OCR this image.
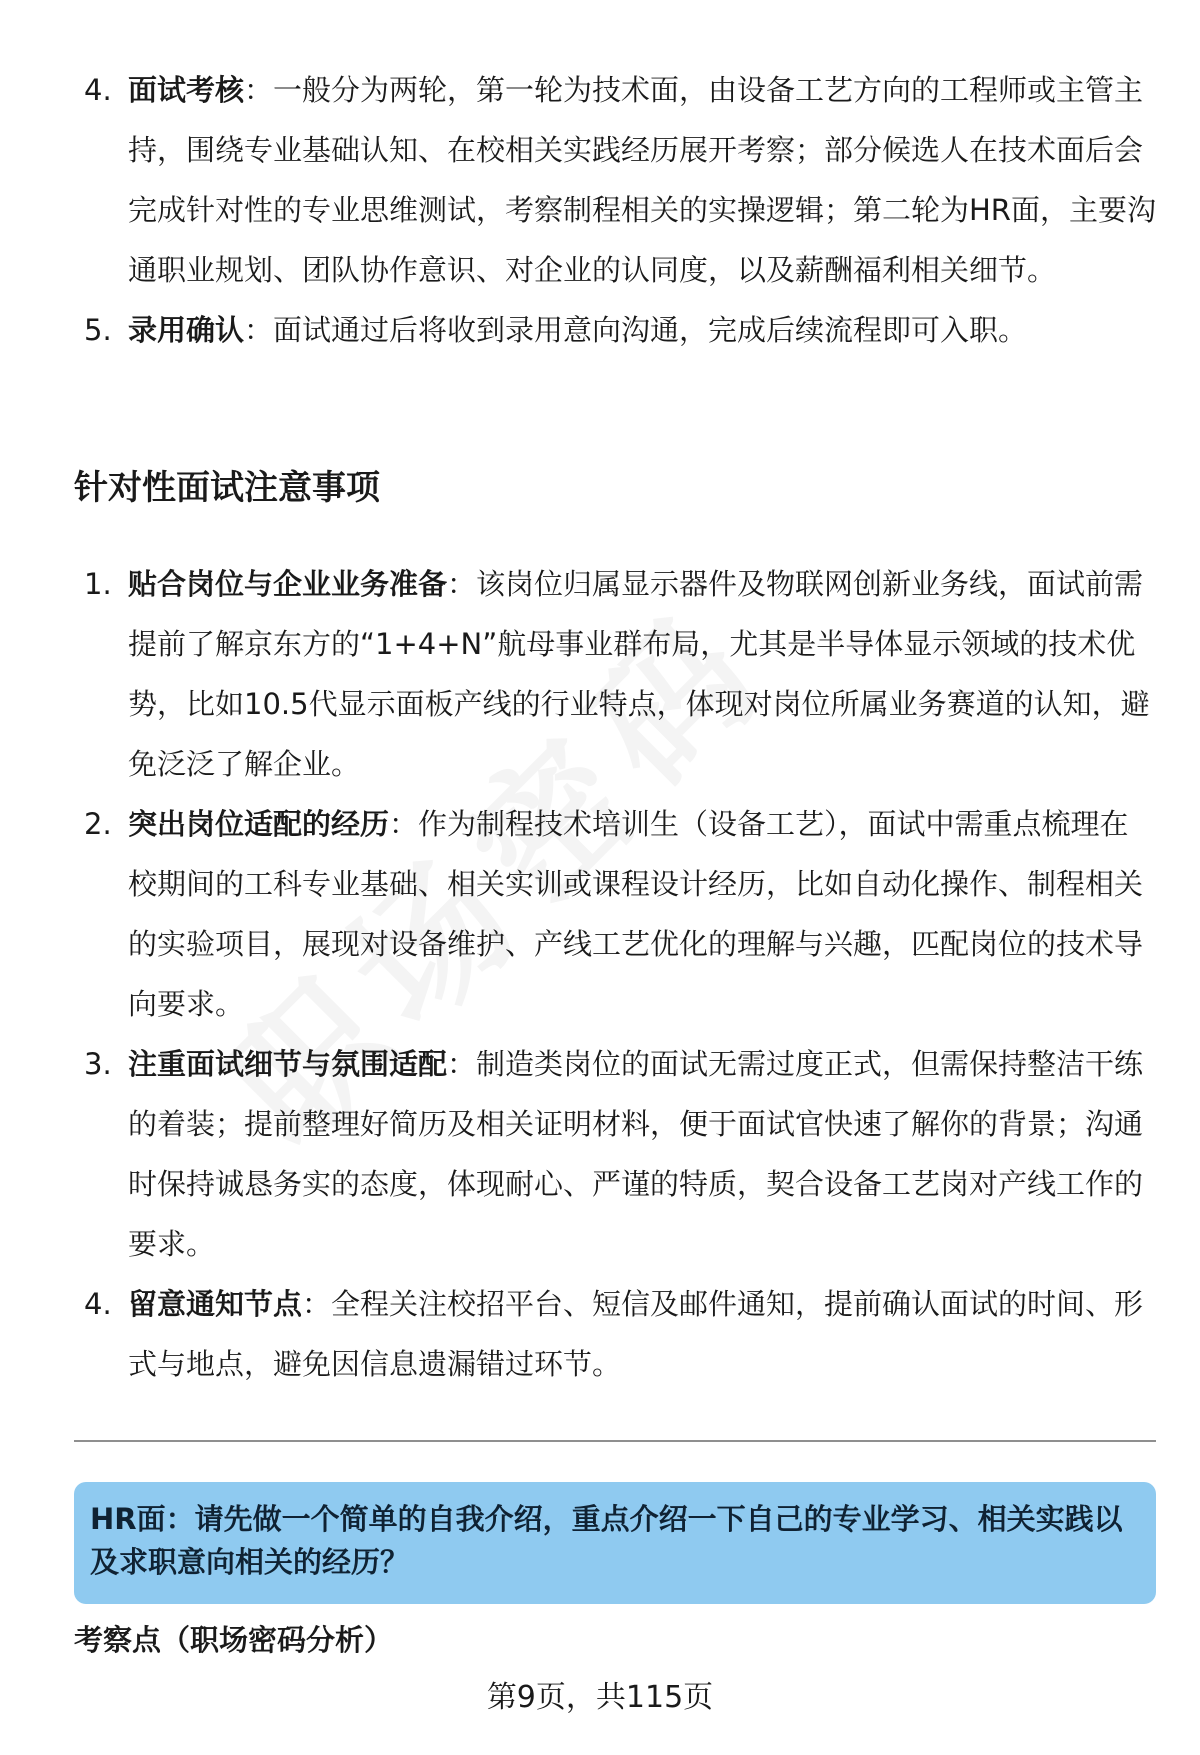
4. 面试考核：一般分为两轮，第一轮为技术面，由设备工艺方向的工程师或主管主持，围绕专业基础认知、在校相关实践经历展开考察；部分候选人在技术面后会完成针对性的专业思维测试，考察制程相关的实操逻辑；第二轮为HR面，主要沟通职业规划、团队协作意识、对企业的认同度，以及薪酬福利相关细节。
5. 录用确认：面试通过后将收到录用意向沟通，完成后续流程即可入职。
针对性面试注意事项
1. 贴合岗位与企业业务准备：该岗位归属显示器件及物联网创新业务线，面试前需提前了解京东方的“1+4+N”航母事业群布局，尤其是半导体显示领域的技术优势，比如10.5代显示面板产线的行业特点，体现对岗位所属业务赛道的认知，避免泛泛了解企业。
2. 突出岗位适配的经历：作为制程技术培训生（设备工艺），面试中需重点梳理在校期间的工科专业基础、相关实训或课程设计经历，比如自动化操作、制程相关的实验项目，展现对设备维护、产线工艺优化的理解与兴趣，匹配岗位的技术导向要求。
3. 注重面试细节与氛围适配：制造类岗位的面试无需过度正式，但需保持整洁干练的着装；提前整理好简历及相关证明材料，便于面试官快速了解你的背景；沟通时保持诚恳务实的态度，体现耐心、严谨的特质，契合设备工艺岗对产线工作的要求。
4. 留意通知节点：全程关注校招平台、短信及邮件通知，提前确认面试的时间、形式与地点，避免因信息遗漏错过环节。
HR面：请先做一个简单的自我介绍，重点介绍一下自己的专业学习、相关实践以及求职意向相关的经历？
考察点（职场密码分析）
第9页，共115页
